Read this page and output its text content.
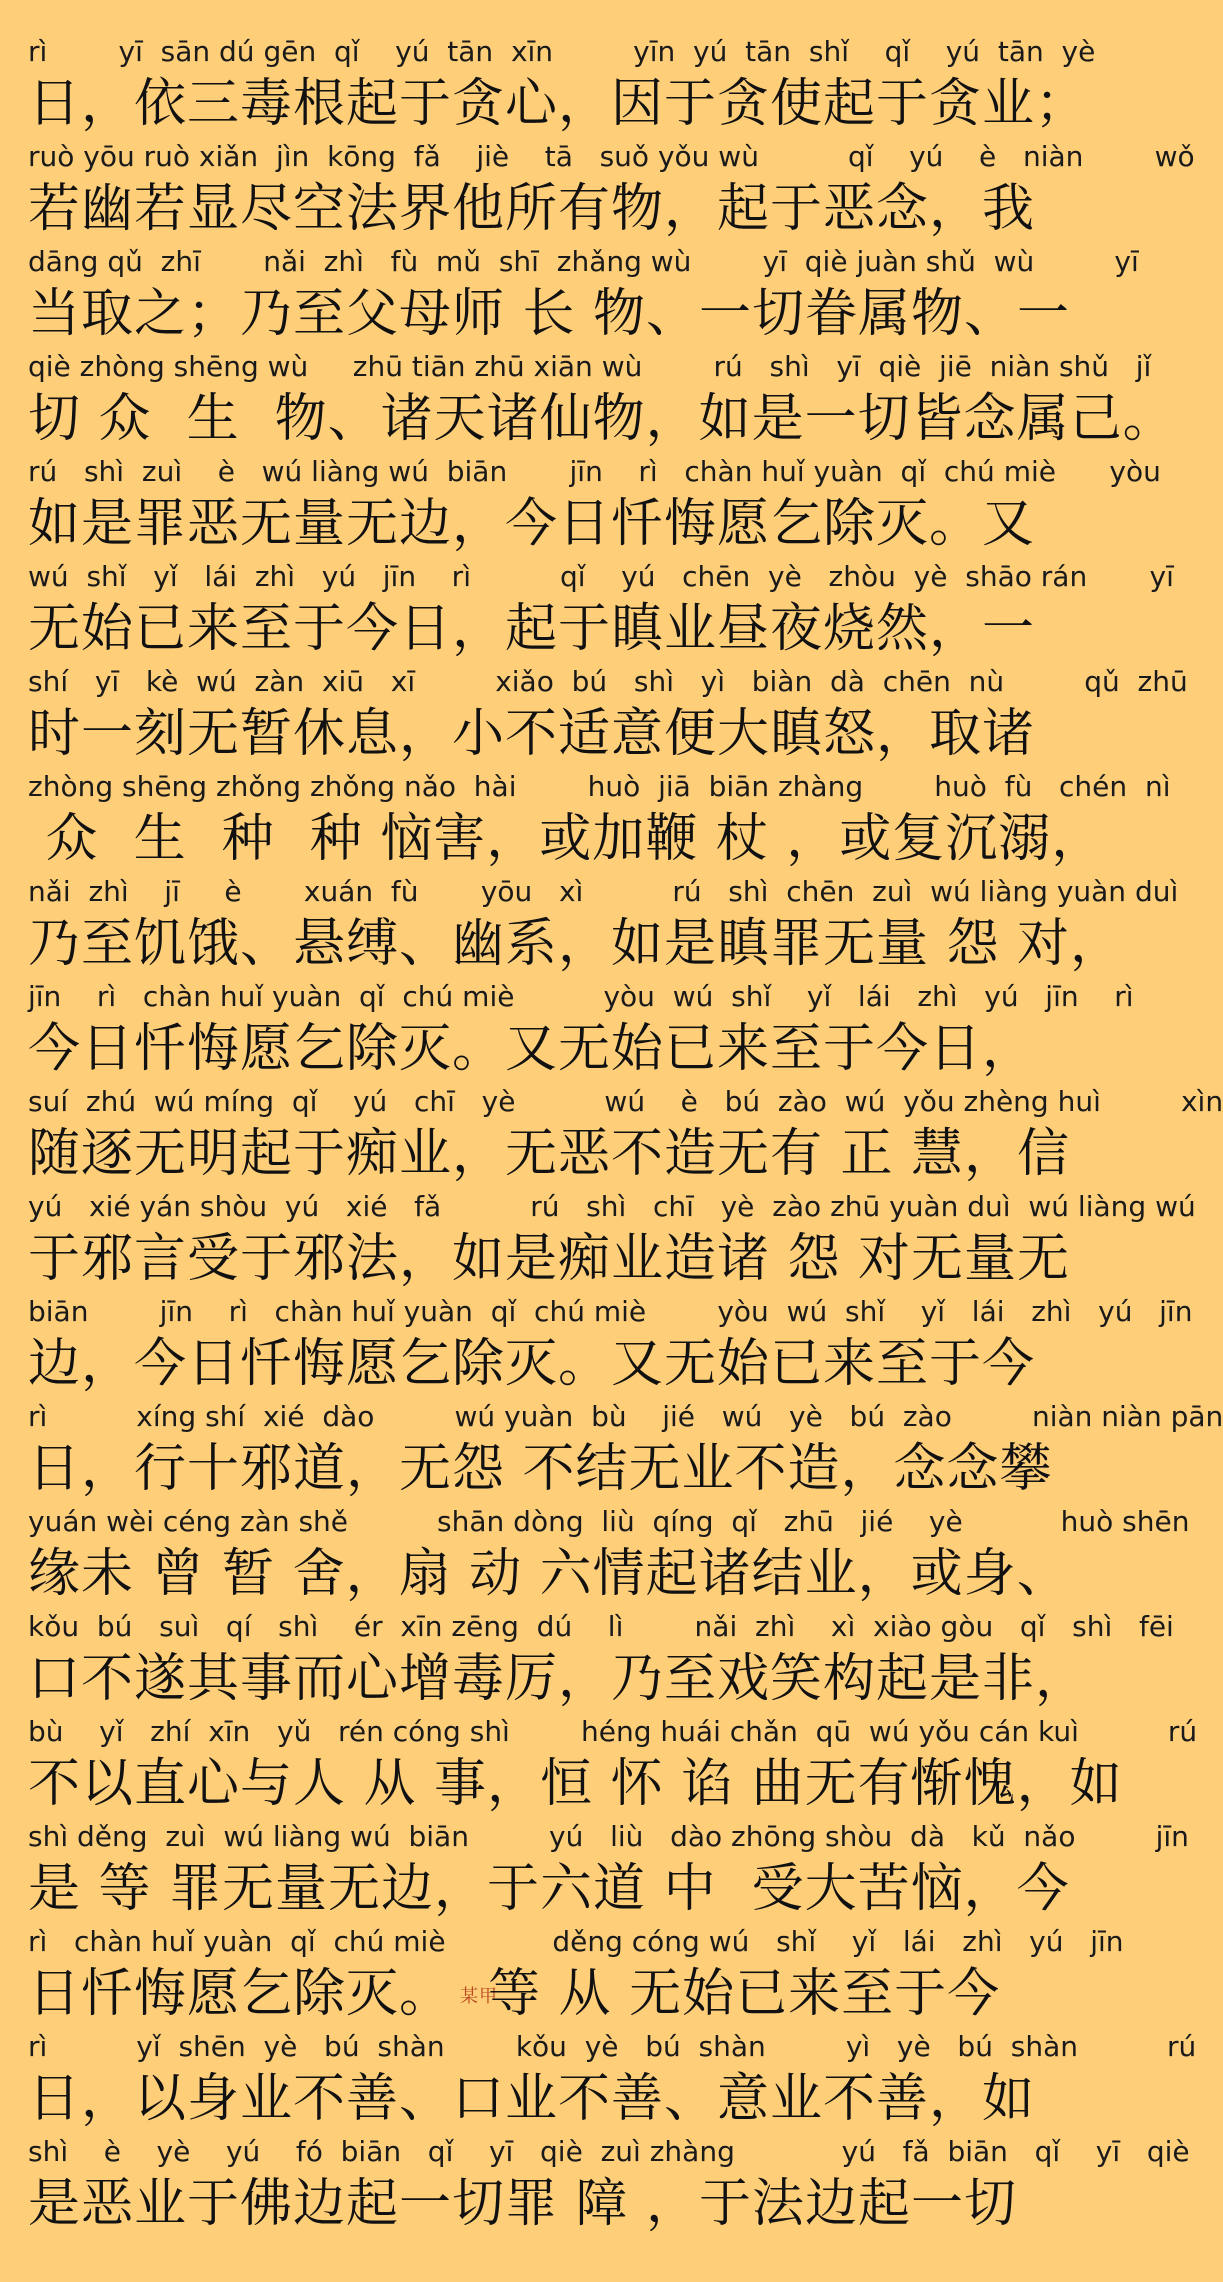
rì        yī  sān dú gēn  qǐ    yú  tān  xīn         yīn  yú  tān  shǐ    qǐ    yú  tān  yè
日，依三毒根起于贪心，因于贪使起于贪业；
ruò yōu ruò xiǎn  jìn  kōng  fǎ    jiè    tā   suǒ yǒu wù          qǐ    yú    è   niàn        wǒ
若幽若显尽空法界他所有物，起于恶念，我
dāng qǔ  zhī       nǎi  zhì   fù  mǔ  shī  zhǎng wù        yī  qiè juàn shǔ  wù         yī
当取之；乃至父母师 长 物、一切眷属物、一
qiè zhòng shēng wù     zhū tiān zhū xiān wù        rú   shì   yī  qiè  jiē  niàn shǔ   jǐ
切 众  生  物、诸天诸仙物，如是一切皆念属己。
rú   shì  zuì    è   wú liàng wú  biān       jīn    rì   chàn huǐ yuàn  qǐ  chú miè      yòu
如是罪恶无量无边，今日忏悔愿乞除灭。又
wú  shǐ   yǐ   lái  zhì   yú   jīn    rì          qǐ    yú   chēn  yè   zhòu  yè  shāo rán       yī
无始已来至于今日，起于瞋业昼夜烧然，一
shí   yī   kè  wú  zàn  xiū   xī         xiǎo  bú   shì   yì   biàn  dà  chēn  nù         qǔ  zhū
时一刻无暂休息，小不适意便大瞋怒，取诸
zhòng shēng zhǒng zhǒng nǎo  hài        huò  jiā  biān zhàng        huò  fù   chén  nì
众  生  种  种 恼害，或加鞭 杖 ，或复沉溺，
nǎi  zhì    jī     è       xuán  fù       yōu   xì          rú   shì  chēn  zuì  wú liàng yuàn duì
乃至饥饿、悬缚、幽系，如是瞋罪无量 怨 对，
jīn    rì   chàn huǐ yuàn  qǐ  chú miè          yòu  wú  shǐ    yǐ   lái   zhì   yú   jīn    rì
今日忏悔愿乞除灭。又无始已来至于今日，
suí  zhú  wú míng  qǐ    yú   chī   yè          wú    è   bú  zào  wú  yǒu zhèng huì         xìn
随逐无明起于痴业，无恶不造无有 正 慧，信
yú   xié yán shòu  yú   xié   fǎ          rú   shì   chī   yè  zào zhū yuàn duì  wú liàng wú
于邪言受于邪法，如是痴业造诸 怨 对无量无
biān        jīn    rì   chàn huǐ yuàn  qǐ  chú miè        yòu  wú  shǐ    yǐ   lái   zhì   yú   jīn
边，今日忏悔愿乞除灭。又无始已来至于今
rì          xíng shí  xié  dào         wú yuàn  bù    jié   wú   yè   bú  zào         niàn niàn pān
日，行十邪道，无怨 不结无业不造，念念攀
yuán wèi céng zàn shě          shān dòng  liù  qíng  qǐ   zhū   jié    yè           huò shēn
缘未 曾 暂 舍，扇 动 六情起诸结业，或身、
kǒu  bú   suì   qí   shì    ér  xīn zēng  dú    lì        nǎi  zhì    xì  xiào gòu   qǐ   shì   fēi
口不遂其事而心增毒厉，乃至戏笑构起是非，
bù    yǐ   zhí  xīn   yǔ   rén cóng shì        héng huái chǎn  qū  wú yǒu cán kuì          rú
不以直心与人 从 事，恒 怀 谄 曲无有惭愧，如
shì děng  zuì  wú liàng wú  biān         yú   liù   dào zhōng shòu  dà   kǔ  nǎo         jīn
是 等 罪无量无边，于六道 中  受大苦恼，今
rì   chàn huǐ yuàn  qǐ  chú miè            děng cóng wú   shǐ    yǐ   lái   zhì   yú   jīn
日忏悔愿乞除灭。 某甲等 从 无始已来至于今
rì          yǐ  shēn  yè   bú  shàn        kǒu  yè   bú  shàn         yì   yè   bú  shàn          rú
日，以身业不善、口业不善、意业不善，如
shì    è    yè    yú    fó  biān   qǐ    yī   qiè  zuì zhàng            yú   fǎ  biān   qǐ    yī   qiè
是恶业于佛边起一切罪 障 ，于法边起一切
